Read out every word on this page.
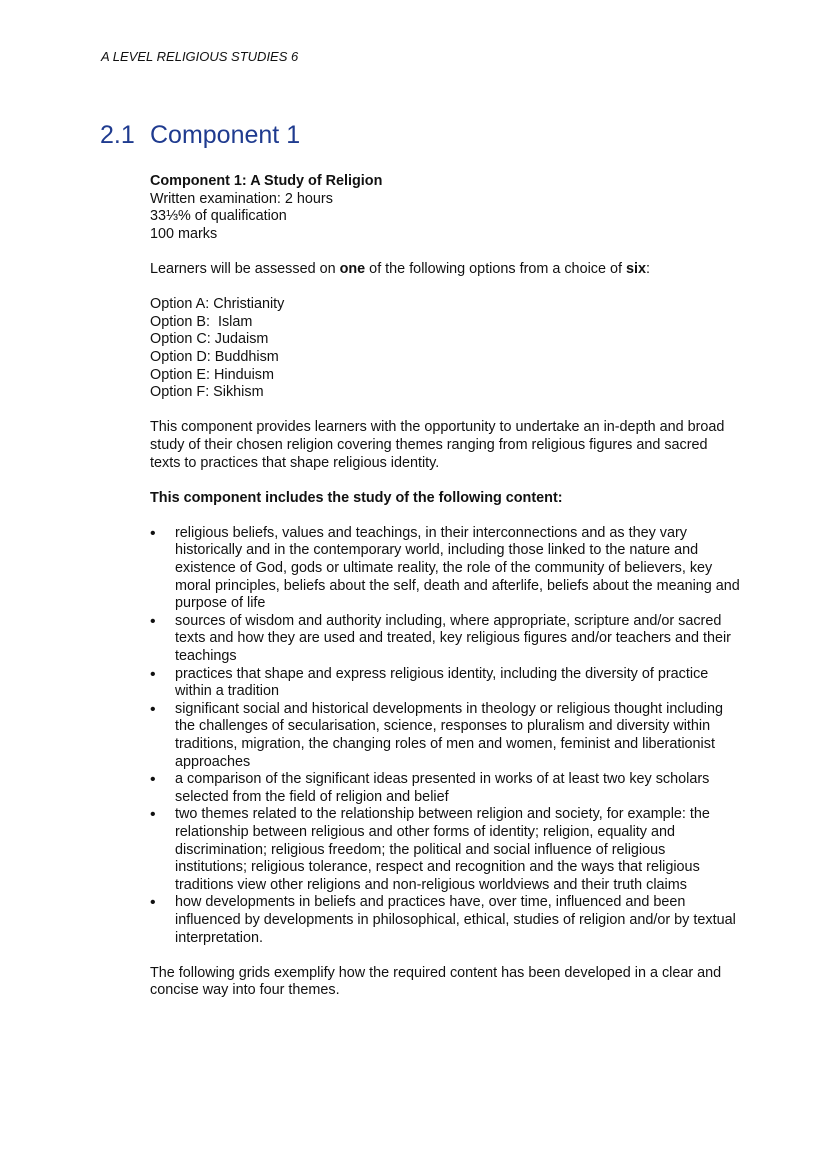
A LEVEL RELIGIOUS STUDIES 6
2.1 Component 1

Component 1: A Study of Religion

Written examination: 2 hours

33⅓% of qualification

100 marks

Learners will be assessed on one of the following options from a choice of six:

Option A: Christianity

Option B:  Islam

Option C: Judaism

Option D: Buddhism

Option E: Hinduism

Option F: Sikhism

This component provides learners with the opportunity to undertake an in-depth and broad study of their chosen religion covering themes ranging from religious figures and sacred texts to practices that shape religious identity.

This component includes the study of the following content:

• religious beliefs, values and teachings, in their interconnections and as they vary historically and in the contemporary world, including those linked to the nature and existence of God, gods or ultimate reality, the role of the community of believers, key moral principles, beliefs about the self, death and afterlife, beliefs about the meaning and purpose of life
• sources of wisdom and authority including, where appropriate, scripture and/or sacred texts and how they are used and treated, key religious figures and/or teachers and their teachings
• practices that shape and express religious identity, including the diversity of practice within a tradition
• significant social and historical developments in theology or religious thought including the challenges of secularisation, science, responses to pluralism and diversity within traditions, migration, the changing roles of men and women, feminist and liberationist approaches
• a comparison of the significant ideas presented in works of at least two key scholars selected from the field of religion and belief
• two themes related to the relationship between religion and society, for example: the relationship between religious and other forms of identity; religion, equality and discrimination; religious freedom; the political and social influence of religious institutions; religious tolerance, respect and recognition and the ways that religious traditions view other religions and non-religious worldviews and their truth claims
• how developments in beliefs and practices have, over time, influenced and been influenced by developments in philosophical, ethical, studies of religion and/or by textual interpretation.

The following grids exemplify how the required content has been developed in a clear and concise way into four themes.
